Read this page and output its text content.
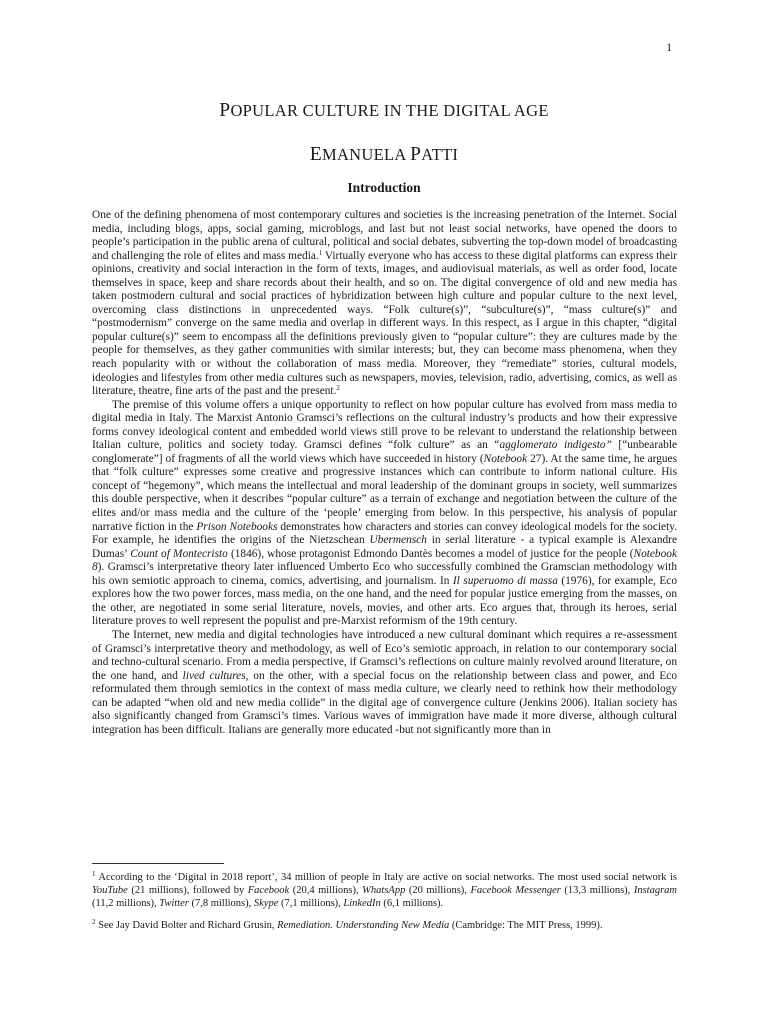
1
POPULAR CULTURE IN THE DIGITAL AGE
EMANUELA PATTI
Introduction

One of the defining phenomena of most contemporary cultures and societies is the increasing penetration of the Internet. Social media, including blogs, apps, social gaming, microblogs, and last but not least social networks, have opened the doors to people’s participation in the public arena of cultural, political and social debates, subverting the top-down model of broadcasting and challenging the role of elites and mass media.$^1$ Virtually everyone who has access to these digital platforms can express their opinions, creativity and social interaction in the form of texts, images, and audiovisual materials, as well as order food, locate themselves in space, keep and share records about their health, and so on. The digital convergence of old and new media has taken postmodern cultural and social practices of hybridization between high culture and popular culture to the next level, overcoming class distinctions in unprecedented ways. “Folk culture(s)”, “subculture(s)”, “mass culture(s)” and “postmodernism” converge on the same media and overlap in different ways. In this respect, as I argue in this chapter, “digital popular culture(s)” seem to encompass all the definitions previously given to “popular culture”: they are cultures made by the people for themselves, as they gather communities with similar interests; but, they can become mass phenomena, when they reach popularity with or without the collaboration of mass media. Moreover, they “remediate” stories, cultural models, ideologies and lifestyles from other media cultures such as newspapers, movies, television, radio, advertising, comics, as well as literature, theatre, fine arts of the past and the present.$^2$

The premise of this volume offers a unique opportunity to reflect on how popular culture has evolved from mass media to digital media in Italy. The Marxist Antonio Gramsci’s reflections on the cultural industry’s products and how their expressive forms convey ideological content and embedded world views still prove to be relevant to understand the relationship between Italian culture, politics and society today. Gramsci defines “folk culture” as an “agglomerato indigesto” [“unbearable conglomerate”] of fragments of all the world views which have succeeded in history (Notebook 27). At the same time, he argues that “folk culture” expresses some creative and progressive instances which can contribute to inform national culture. His concept of “hegemony”, which means the intellectual and moral leadership of the dominant groups in society, well summarizes this double perspective, when it describes “popular culture” as a terrain of exchange and negotiation between the culture of the elites and/or mass media and the culture of the ‘people’ emerging from below. In this perspective, his analysis of popular narrative fiction in the Prison Notebooks demonstrates how characters and stories can convey ideological models for the society. For example, he identifies the origins of the Nietzschean Ubermensch in serial literature - a typical example is Alexandre Dumas’ Count of Montecristo (1846), whose protagonist Edmondo Dantès becomes a model of justice for the people (Notebook 8). Gramsci’s interpretative theory later influenced Umberto Eco who successfully combined the Gramscian methodology with his own semiotic approach to cinema, comics, advertising, and journalism. In Il superuomo di massa (1976), for example, Eco explores how the two power forces, mass media, on the one hand, and the need for popular justice emerging from the masses, on the other, are negotiated in some serial literature, novels, movies, and other arts. Eco argues that, through its heroes, serial literature proves to well represent the populist and pre-Marxist reformism of the 19th century.

The Internet, new media and digital technologies have introduced a new cultural dominant which requires a re-assessment of Gramsci’s interpretative theory and methodology, as well of Eco’s semiotic approach, in relation to our contemporary social and techno-cultural scenario. From a media perspective, if Gramsci’s reflections on culture mainly revolved around literature, on the one hand, and lived cultures, on the other, with a special focus on the relationship between class and power, and Eco reformulated them through semiotics in the context of mass media culture, we clearly need to rethink how their methodology can be adapted “when old and new media collide” in the digital age of convergence culture (Jenkins 2006). Italian society has also significantly changed from Gramsci’s times. Various waves of immigration have made it more diverse, although cultural integration has been difficult. Italians are generally more educated -but not significantly more than in

$^1$ According to the ‘Digital in 2018 report’, 34 million of people in Italy are active on social networks. The most used social network is YouTube (21 millions), followed by Facebook (20,4 millions), WhatsApp (20 millions), Facebook Messenger (13,3 millions), Instagram (11,2 millions), Twitter (7,8 millions), Skype (7,1 millions), LinkedIn (6,1 millions).

$^2$ See Jay David Bolter and Richard Grusin, Remediation. Understanding New Media (Cambridge: The MIT Press, 1999).
